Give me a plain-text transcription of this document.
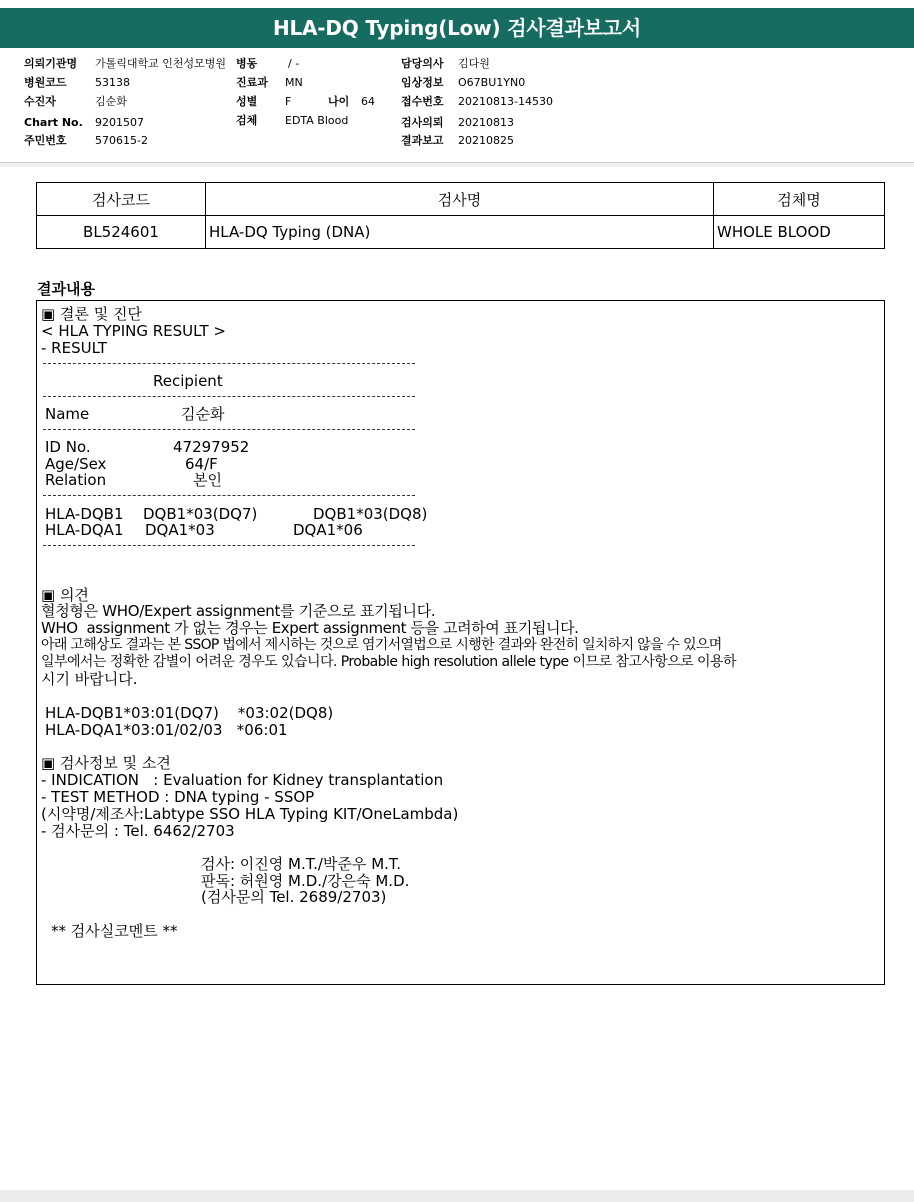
HLA-DQ Typing(Low) 검사결과보고서
의뢰기관명 가톨릭대학교 인천성모병원
병원코드	53138
수진자	김순화
Chart No. 9201507
주민번호	570615-2
병동	/ -
진료과 MN
성별	F	나이 64
검체	EDTA Blood
담당의사 김다원
임상정보 O67BU1YN0
접수번호 20210813-14530
검사의뢰 20210813
결과보고 20210825
검사코드	검사명	검체명
BL524601	HLA-DQ Typing (DNA)	WHOLE BLOOD
결과내용
▣ 결론 및 진단
< HLA TYPING RESULT >
- RESULT
Recipient
Name	김순화
ID No.	47297952
Age/Sex	64/F
Relation	본인
HLA-DQB1 DQB1*03(DQ7)	DQB1*03(DQ8)
HLA-DQA1 DQA1*03	DQA1*06
▣ 의견
혈청형은 WHO/Expert assignment를 기준으로 표기됩니다.
WHO  assignment 가 없는 경우는 Expert assignment 등을 고려하여 표기됩니다.
아래 고해상도 결과는 본 SSOP 법에서 제시하는 것으로 염기서열법으로 시행한 결과와 완전히 일치하지 않을 수 있으며
일부에서는 정확한 감별이 어려운 경우도 있습니다. Probable high resolution allele type 이므로 참고사항으로 이용하
시기 바랍니다.
HLA-DQB1*03:01(DQ7)    *03:02(DQ8)
HLA-DQA1*03:01/02/03   *06:01
▣ 검사정보 및 소견
- INDICATION   : Evaluation for Kidney transplantation
- TEST METHOD : DNA typing - SSOP
(시약명/제조사:Labtype SSO HLA Typing KIT/OneLambda)
- 검사문의 : Tel. 6462/2703
검사: 이진영 M.T./박준우 M.T.
판독: 허원영 M.D./강은숙 M.D.
(검사문의 Tel. 2689/2703)
** 검사실코멘트 **
